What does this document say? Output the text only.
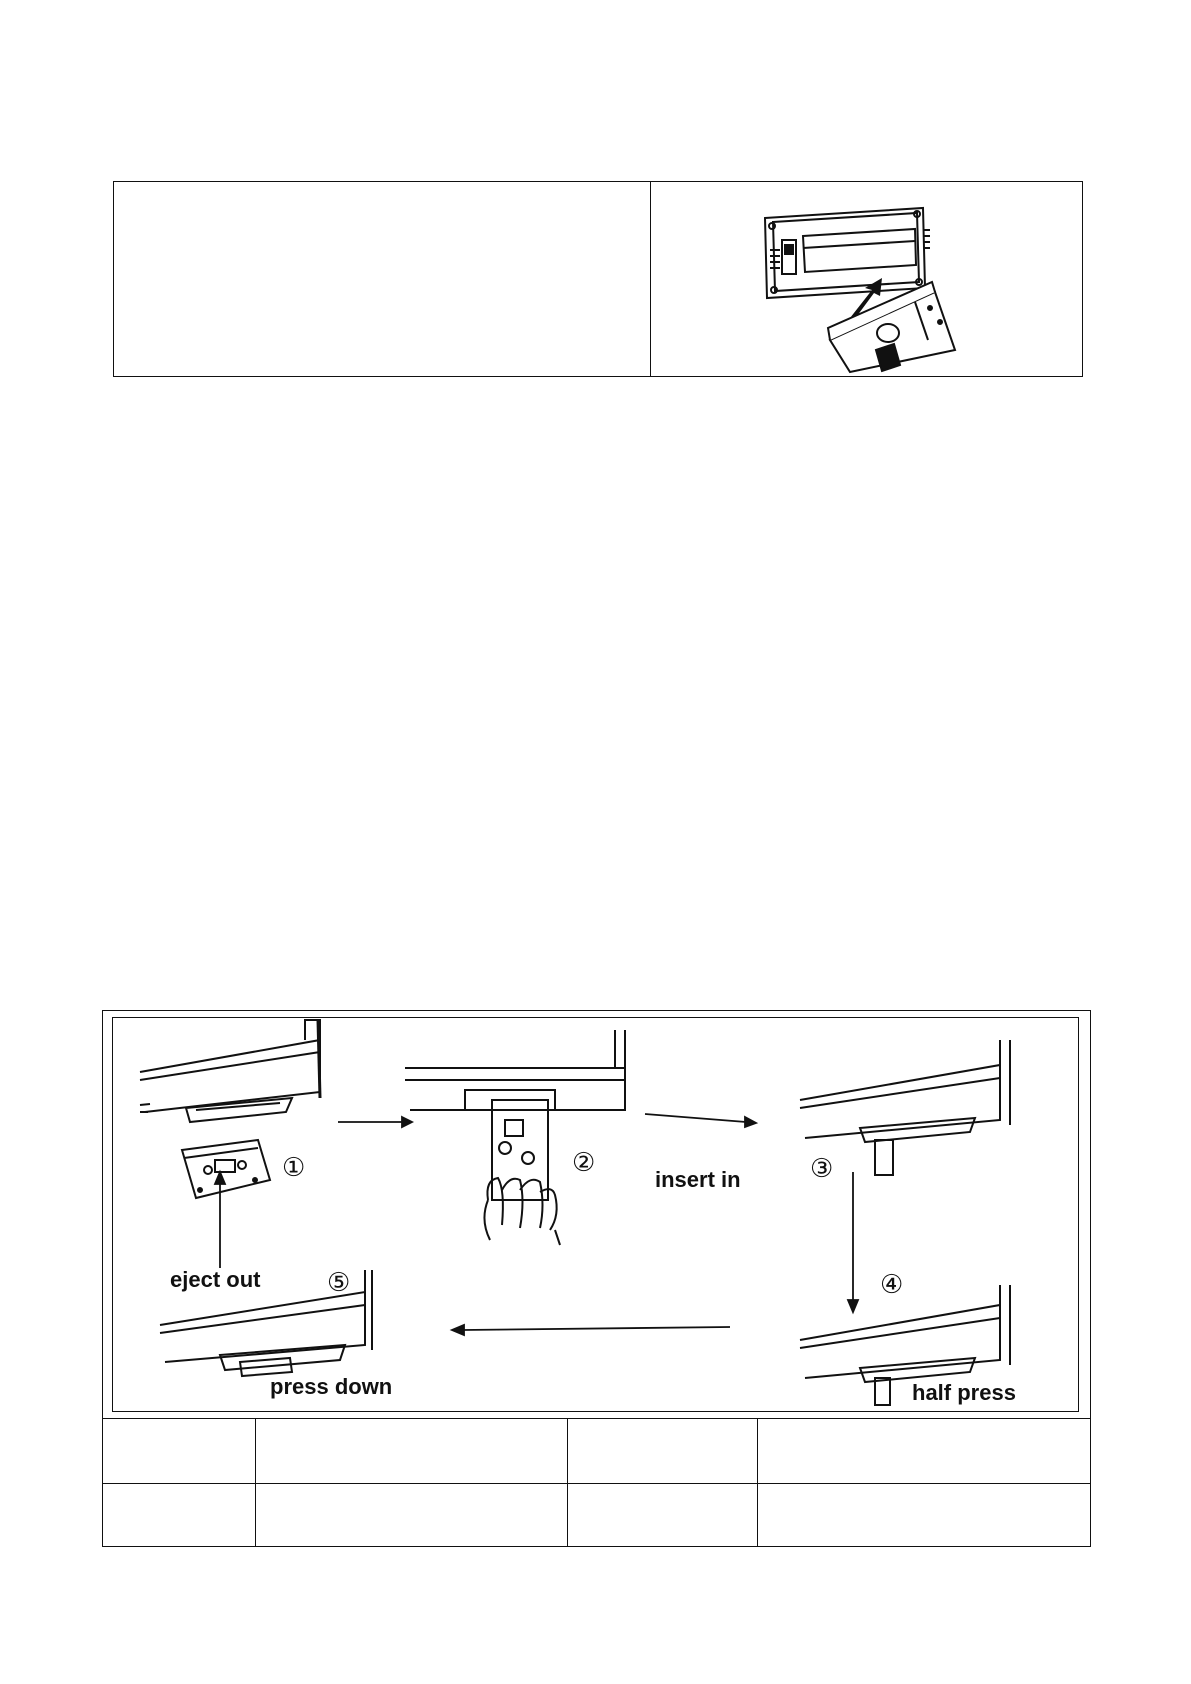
①	②	③
④
⑤
insert in
eject out
press down	half press
